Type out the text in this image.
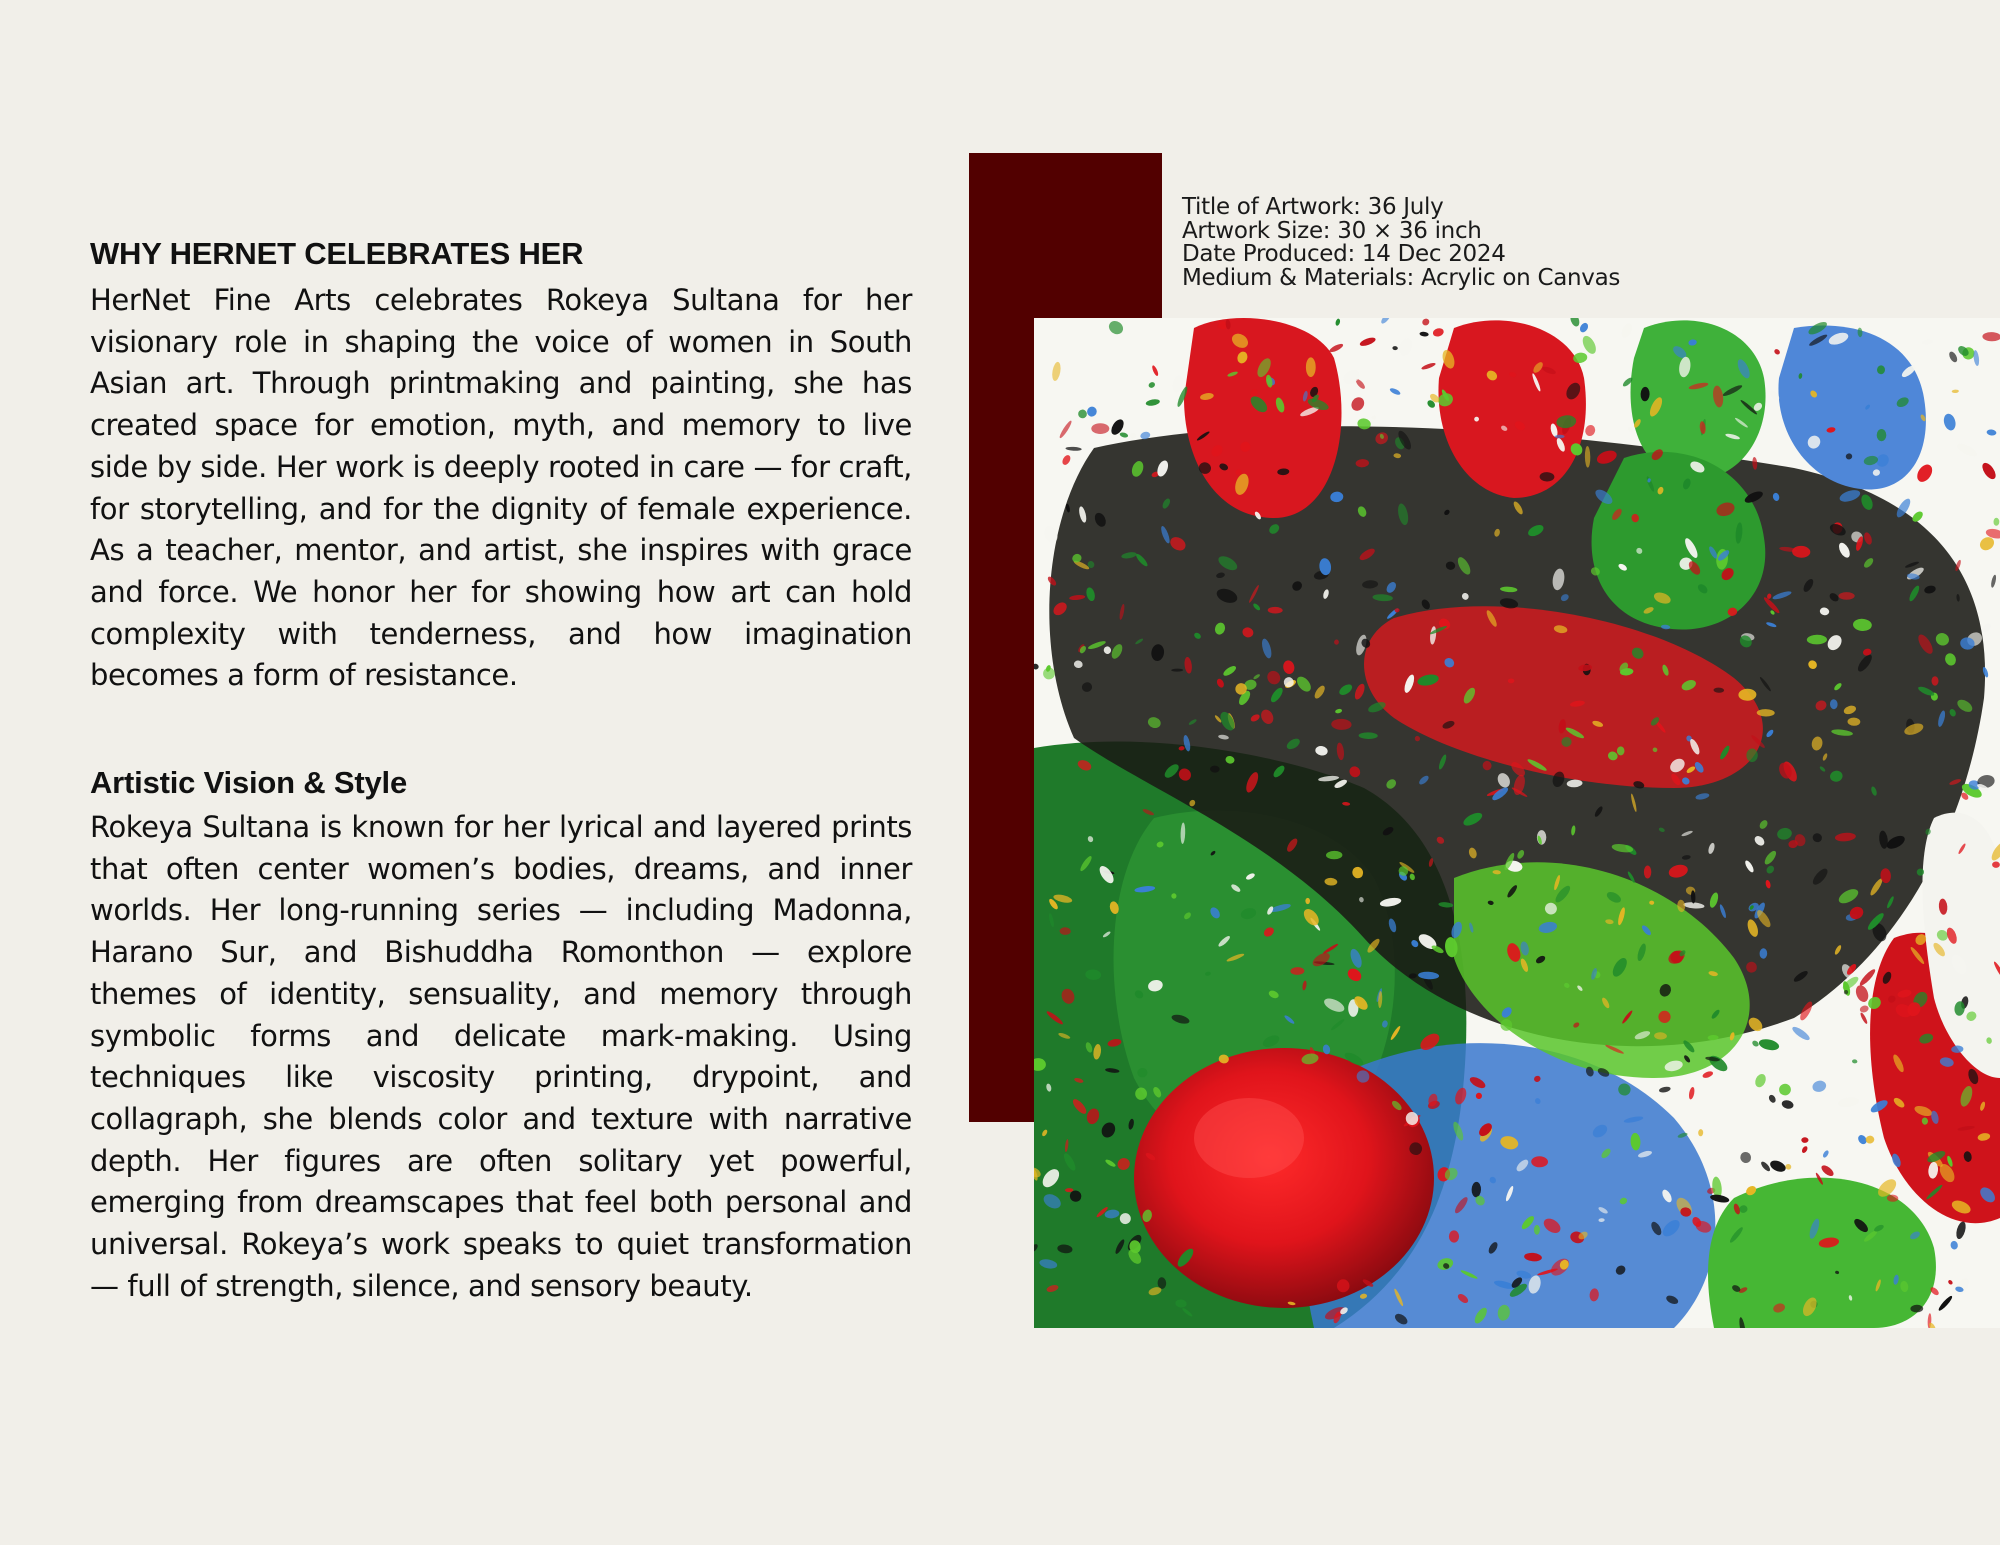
WHY HERNET CELEBRATES HER

HerNet Fine Arts celebrates Rokeya Sultana for her visionary role in shaping the voice of women in South Asian art. Through printmaking and painting, she has created space for emotion, myth, and memory to live side by side. Her work is deeply rooted in care — for craft, for storytelling, and for the dignity of female experience. As a teacher, mentor, and artist, she inspires with grace and force. We honor her for showing how art can hold complexity with tenderness, and how imagination becomes a form of resistance.

Artistic Vision & Style

Rokeya Sultana is known for her lyrical and layered prints that often center women’s bodies, dreams, and inner worlds. Her long-running series — including Madonna, Harano Sur, and Bishuddha Romonthon — explore themes of identity, sensuality, and memory through symbolic forms and delicate mark-making. Using techniques like viscosity printing, drypoint, and collagraph, she blends color and texture with narrative depth. Her figures are often solitary yet powerful, emerging from dreamscapes that feel both personal and universal. Rokeya’s work speaks to quiet transformation — full of strength, silence, and sensory beauty.

Title of Artwork: 36 July
Artwork Size: 30 × 36 inch
Date Produced: 14 Dec 2024
Medium & Materials: Acrylic on Canvas
